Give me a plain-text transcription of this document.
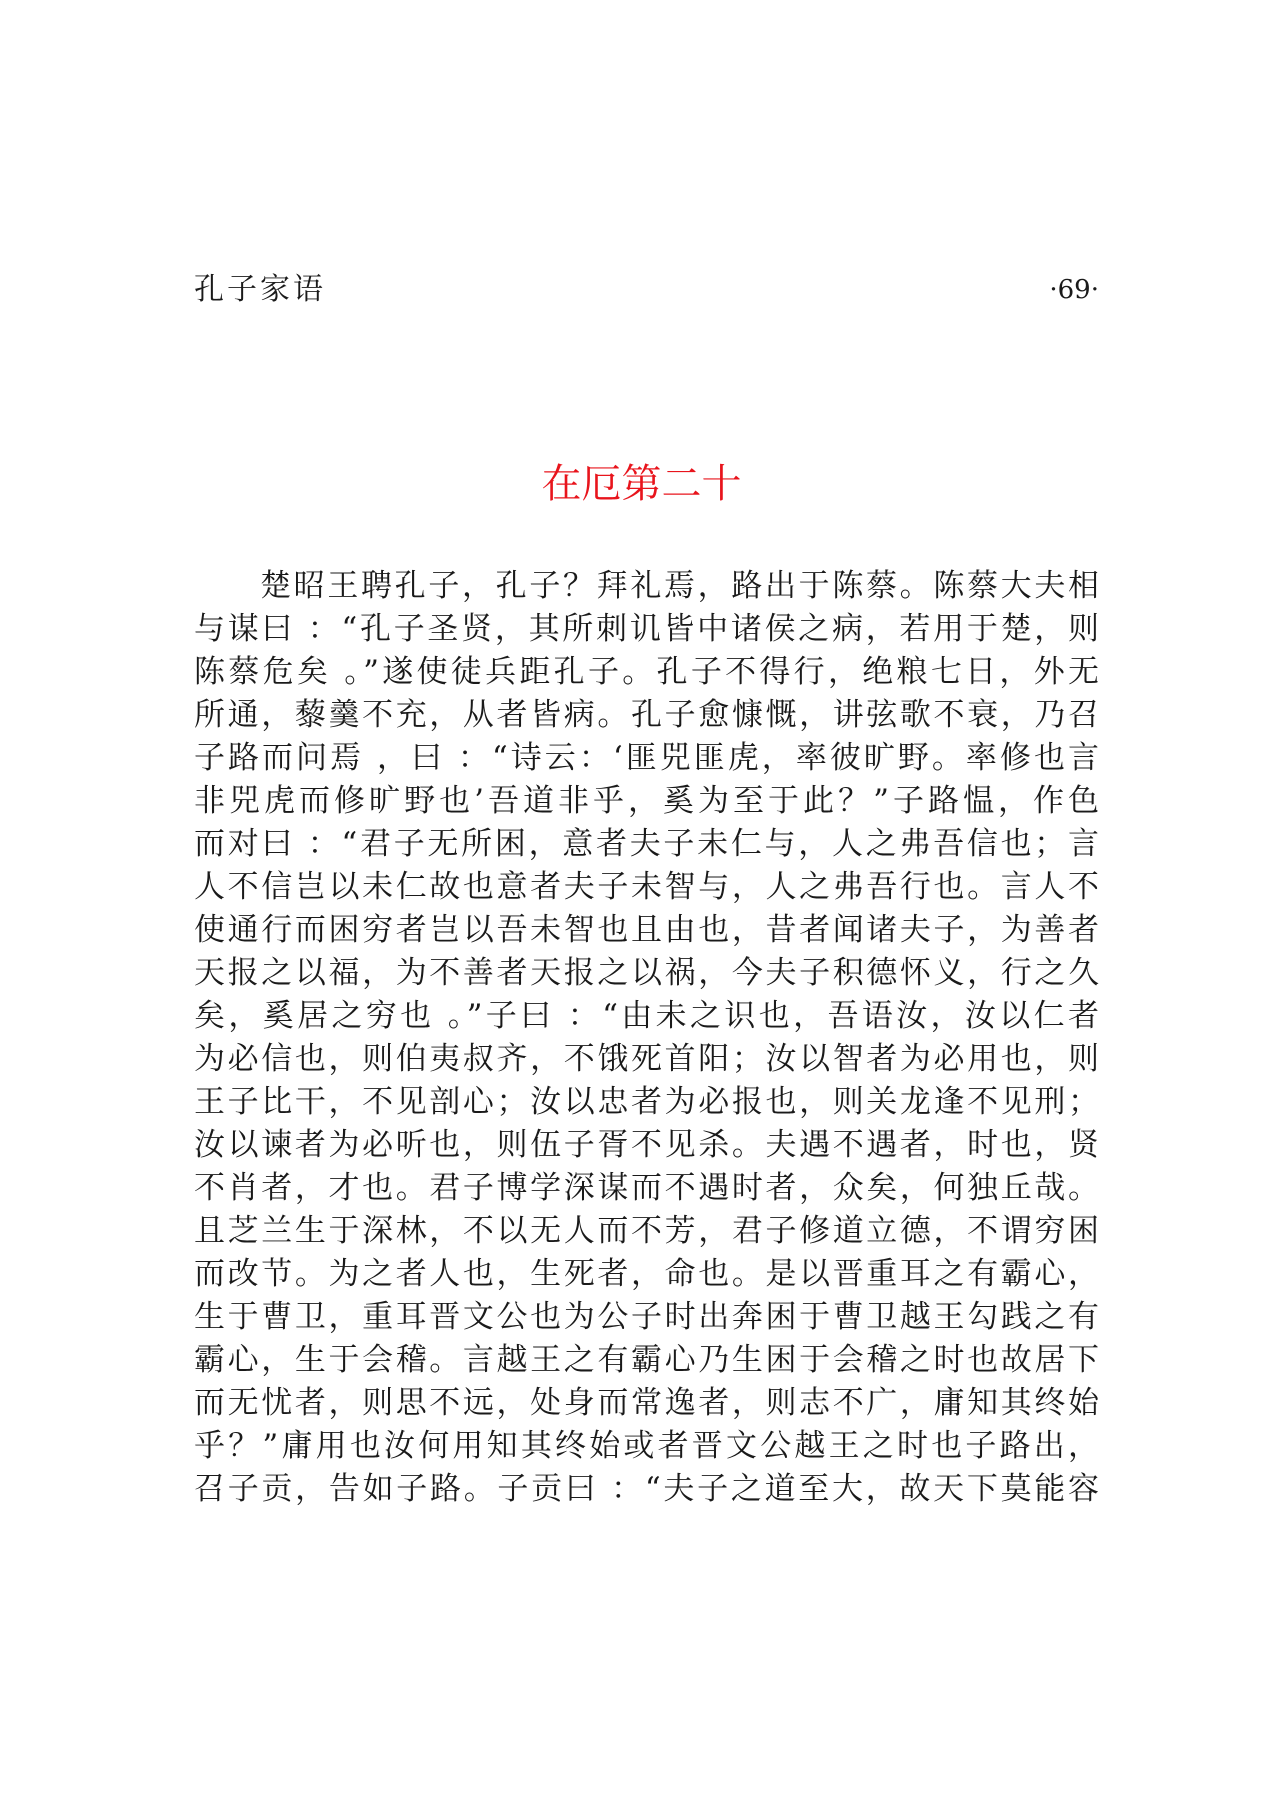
孔子家语	·69·
在厄第二十
楚昭王聘孔子，孔子？拜礼焉，路出于陈蔡。陈蔡大夫相
与谋曰 ：“孔子圣贤，其所刺讥皆中诸侯之病，若用于楚，则
陈蔡危矣 。”遂使徒兵距孔子。孔子不得行，绝粮七日，外无
所通，藜羹不充，从者皆病。孔子愈慷慨，讲弦歌不衰，乃召
子路而问焉 ，曰 ：“诗云：‘匪兕匪虎，率彼旷野。率修也言
非兕虎而修旷野也’吾道非乎，奚为至于此？”子路愠，作色
而对曰 ：“君子无所困，意者夫子未仁与，人之弗吾信也；言
人不信岂以未仁故也意者夫子未智与，人之弗吾行也。言人不
使通行而困穷者岂以吾未智也且由也，昔者闻诸夫子，为善者
天报之以福，为不善者天报之以祸，今夫子积德怀义，行之久
矣，奚居之穷也 。”子曰 ：“由未之识也，吾语汝，汝以仁者
为必信也，则伯夷叔齐，不饿死首阳；汝以智者为必用也，则
王子比干，不见剖心；汝以忠者为必报也，则关龙逢不见刑；
汝以谏者为必听也，则伍子胥不见杀。夫遇不遇者，时也，贤
不肖者，才也。君子博学深谋而不遇时者，众矣，何独丘哉。
且芝兰生于深林，不以无人而不芳，君子修道立德，不谓穷困
而改节。为之者人也，生死者，命也。是以晋重耳之有霸心，
生于曹卫，重耳晋文公也为公子时出奔困于曹卫越王勾践之有
霸心，生于会稽。言越王之有霸心乃生困于会稽之时也故居下
而无忧者，则思不远，处身而常逸者，则志不广，庸知其终始
乎？”庸用也汝何用知其终始或者晋文公越王之时也子路出，
召子贡，告如子路。子贡曰 ：“夫子之道至大，故天下莫能容
